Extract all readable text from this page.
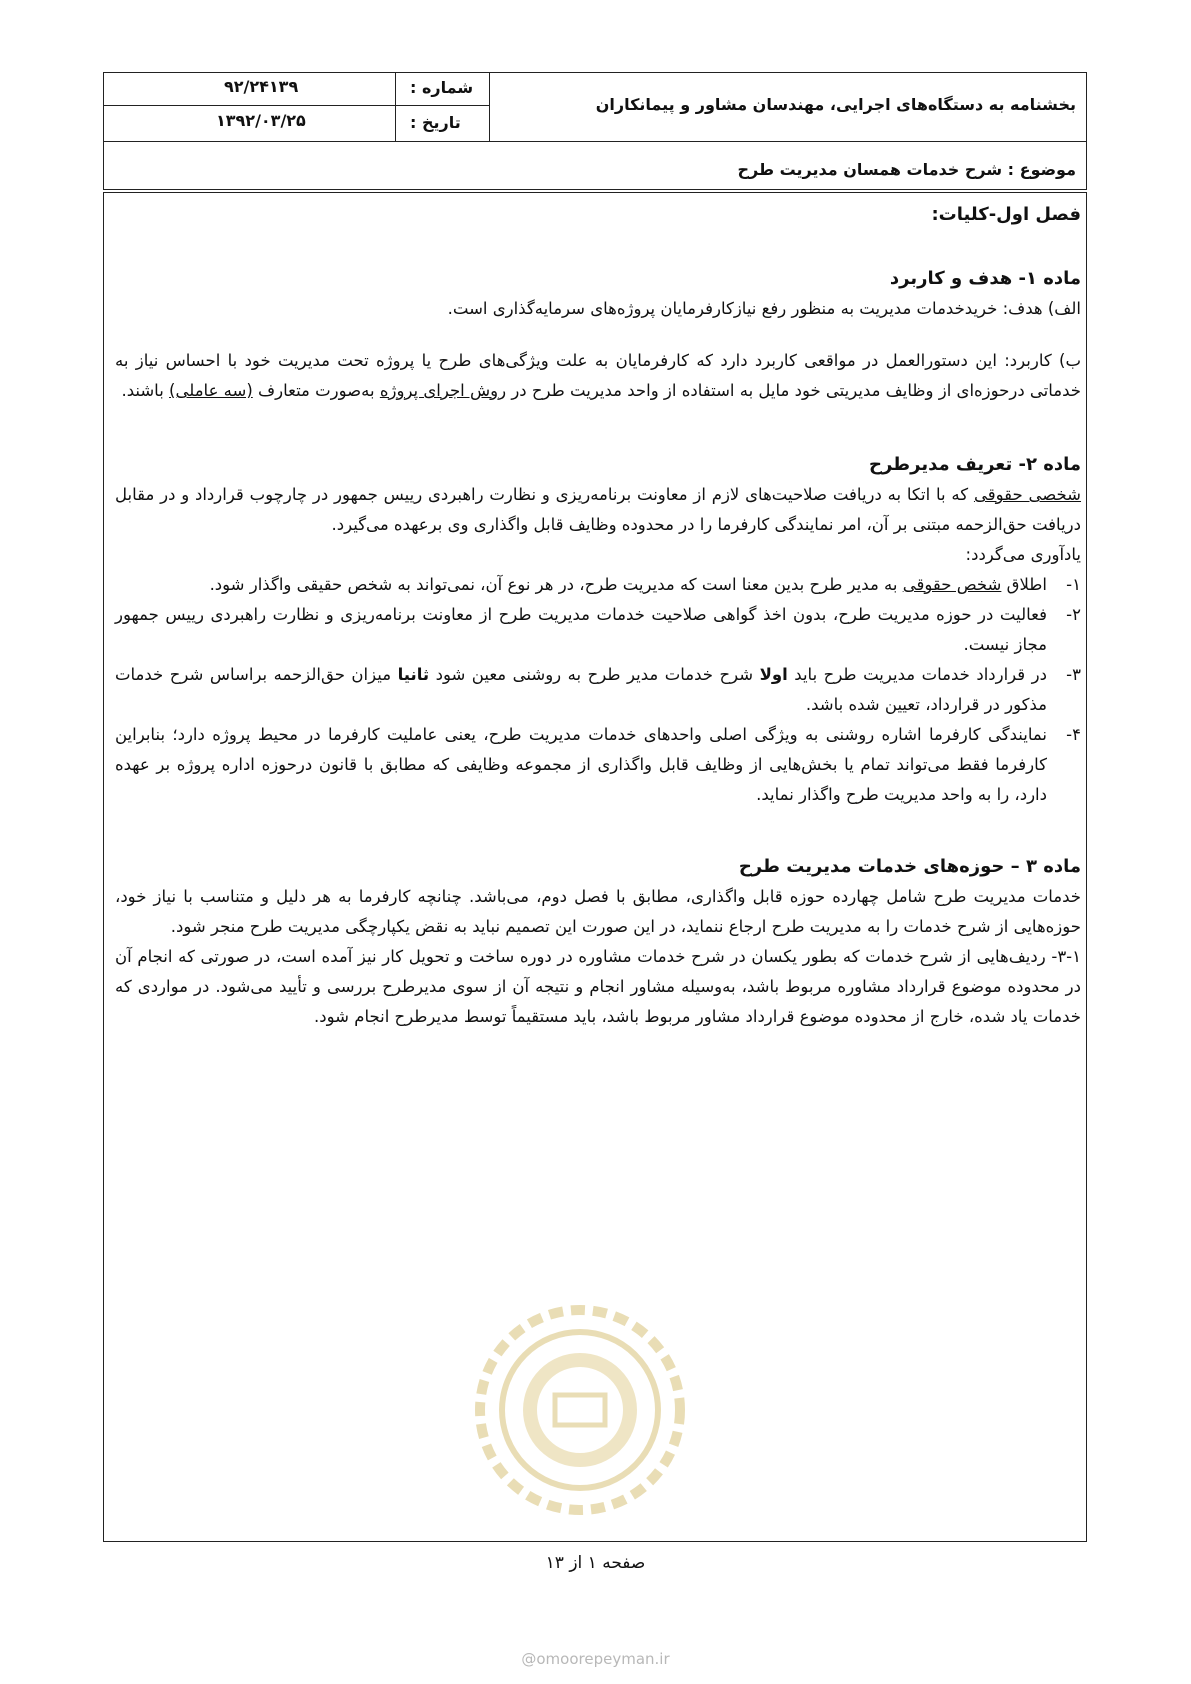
بخشنامه به دستگاه‌های اجرایی، مهندسان مشاور و پیمانکاران
شماره :
۹۲/۲۴۱۳۹
تاریخ :
۱۳۹۲/۰۳/۲۵
موضوع : شرح خدمات همسان مدیریت طرح

فصل اول-کلیات:

ماده ۱- هدف و کاربرد

الف) هدف: خریدخدمات مدیریت به منظور رفع نیازکارفرمایان پروژه‌های سرمایه‌گذاری است.

ب) کاربرد: این دستورالعمل در مواقعی کاربرد دارد که کارفرمایان به علت ویژگی‌های طرح یا پروژه تحت مدیریت خود با احساس نیاز به خدماتی درحوزه‌ای از وظایف مدیریتی خود مایل به استفاده از واحد مدیریت طرح در روش اجرای پروژه به‌صورت متعارف (سه عاملی) باشند.

ماده ۲- تعریف مدیرطرح

شخصی حقوقی که با اتکا به دریافت صلاحیت‌های لازم از معاونت برنامه‌ریزی و نظارت راهبردی رییس جمهور در چارچوب قرارداد و در مقابل دریافت حق‌الزحمه مبتنی بر آن، امر نمایندگی کارفرما را در محدوده وظایف قابل واگذاری وی برعهده می‌گیرد.

یادآوری می‌گردد:

۱-
اطلاق شخص حقوقی به مدیر طرح بدین معنا است که مدیریت طرح، در هر نوع آن، نمی‌تواند به شخص حقیقی واگذار شود.
۲-
فعالیت در حوزه مدیریت طرح، بدون اخذ گواهی صلاحیت خدمات مدیریت طرح از معاونت برنامه‌ریزی و نظارت راهبردی رییس جمهور مجاز نیست.
۳-
در قرارداد خدمات مدیریت طرح باید اولا شرح خدمات مدیر طرح به روشنی معین شود ثانیا میزان حق‌الزحمه براساس شرح خدمات مذکور در قرارداد، تعیین شده باشد.
۴-
نمایندگی کارفرما اشاره روشنی به ویژگی اصلی واحدهای خدمات مدیریت طرح، یعنی عاملیت کارفرما در محیط پروژه دارد؛ بنابراین کارفرما فقط می‌تواند تمام یا بخش‌هایی از وظایف قابل واگذاری از مجموعه وظایفی که مطابق با قانون درحوزه اداره پروژه بر عهده دارد، را به واحد مدیریت طرح واگذار نماید.

ماده ۳ – حوزه‌های خدمات مدیریت طرح

خدمات مدیریت طرح شامل چهارده حوزه قابل واگذاری، مطابق با فصل دوم، می‌باشد. چنانچه کارفرما به هر دلیل و متناسب با نیاز خود، حوزه‌هایی از شرح خدمات را به مدیریت طرح ارجاع ننماید، در این صورت این تصمیم نباید به نقض یکپارچگی مدیریت طرح منجر شود.

۳-۱- ردیف‌هایی از شرح خدمات که بطور یکسان در شرح خدمات مشاوره در دوره ساخت و تحویل کار نیز آمده است، در صورتی که انجام آن در محدوده موضوع قرارداد مشاوره مربوط باشد، به‌وسیله مشاور انجام و نتیجه آن از سوی مدیرطرح بررسی و تأیید می‌شود. در مواردی که خدمات یاد شده، خارج از محدوده موضوع قرارداد مشاور مربوط باشد، باید مستقیماً توسط مدیرطرح انجام شود.

صفحه ۱ از ۱۳
@omoorepeyman.ir
